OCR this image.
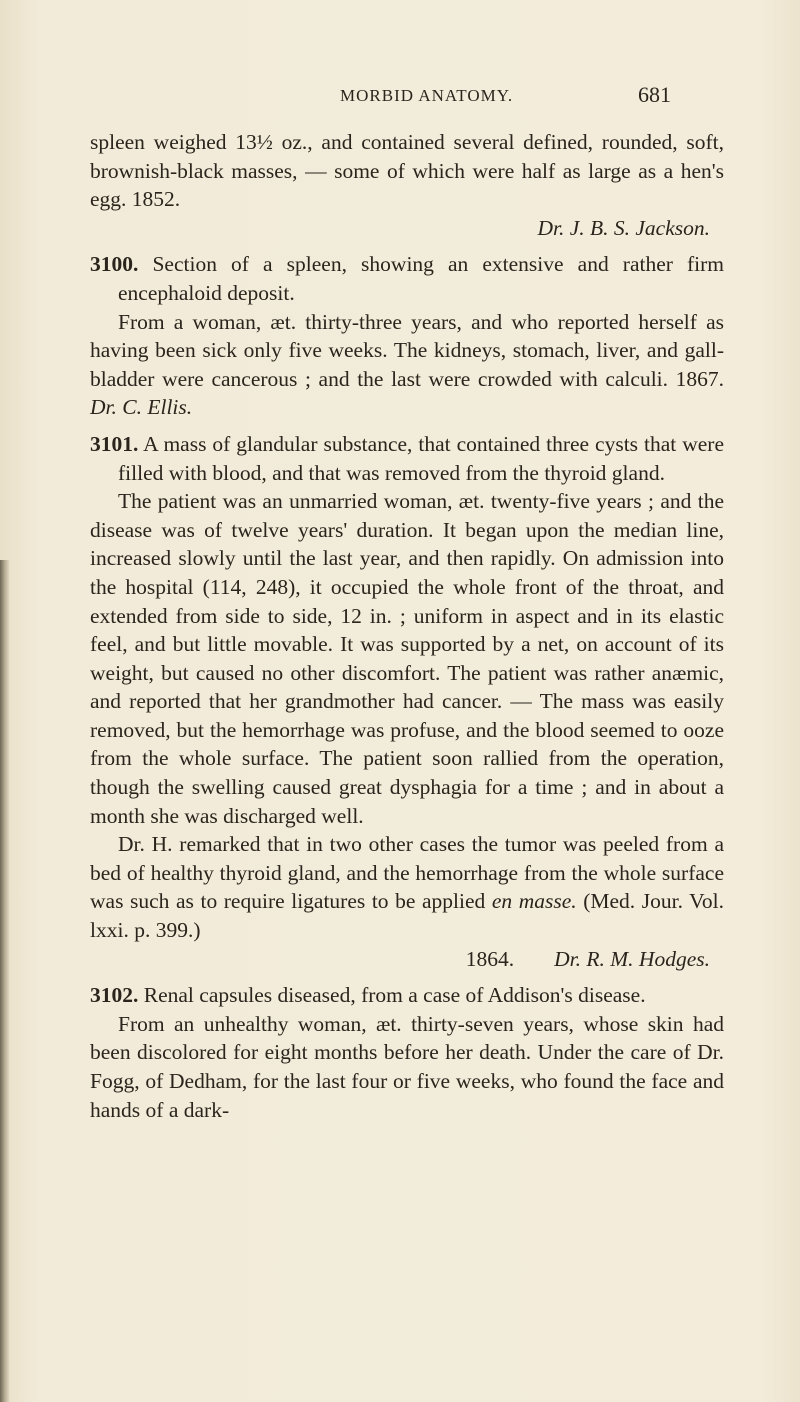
MORBID ANATOMY.	681

spleen weighed 13½ oz., and contained several defined, rounded, soft, brownish-black masses, — some of which were half as large as a hen's egg. 1852.

Dr. J. B. S. Jackson.

3100. Section of a spleen, showing an extensive and rather firm encephaloid deposit.

From a woman, æt. thirty-three years, and who reported herself as having been sick only five weeks. The kidneys, stomach, liver, and gall-bladder were cancerous ; and the last were crowded with calculi. 1867. Dr. C. Ellis.

3101. A mass of glandular substance, that contained three cysts that were filled with blood, and that was removed from the thyroid gland.

The patient was an unmarried woman, æt. twenty-five years ; and the disease was of twelve years' duration. It began upon the median line, increased slowly until the last year, and then rapidly. On admission into the hospital (114, 248), it occupied the whole front of the throat, and extended from side to side, 12 in. ; uniform in aspect and in its elastic feel, and but little movable. It was supported by a net, on account of its weight, but caused no other discomfort. The patient was rather anæmic, and reported that her grandmother had cancer. — The mass was easily removed, but the hemorrhage was profuse, and the blood seemed to ooze from the whole surface. The patient soon rallied from the operation, though the swelling caused great dysphagia for a time ; and in about a month she was discharged well.

Dr. H. remarked that in two other cases the tumor was peeled from a bed of healthy thyroid gland, and the hemorrhage from the whole surface was such as to require ligatures to be applied en masse. (Med. Jour. Vol. lxxi. p. 399.)

1864. Dr. R. M. Hodges.

3102. Renal capsules diseased, from a case of Addison's disease.

From an unhealthy woman, æt. thirty-seven years, whose skin had been discolored for eight months before her death. Under the care of Dr. Fogg, of Dedham, for the last four or five weeks, who found the face and hands of a dark-
